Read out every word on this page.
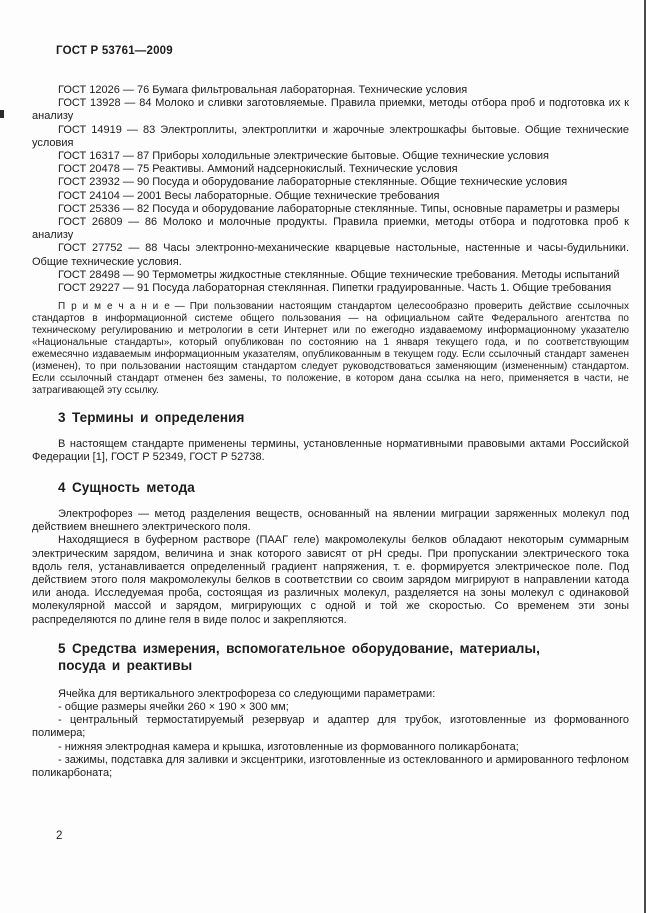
ГОСТ Р 53761—2009

ГОСТ 12026 — 76 Бумага фильтровальная лабораторная. Технические условия

ГОСТ 13928 — 84 Молоко и сливки заготовляемые. Правила приемки, методы отбора проб и подготовка их к анализу

ГОСТ 14919 — 83 Электроплиты, электроплитки и жарочные электрошкафы бытовые. Общие технические условия

ГОСТ 16317 — 87 Приборы холодильные электрические бытовые. Общие технические условия

ГОСТ 20478 — 75 Реактивы. Аммоний надсернокислый. Технические условия

ГОСТ 23932 — 90 Посуда и оборудование лабораторные стеклянные. Общие технические условия

ГОСТ 24104 — 2001 Весы лабораторные. Общие технические требования

ГОСТ 25336 — 82 Посуда и оборудование лабораторные стеклянные. Типы, основные параметры и размеры

ГОСТ 26809 — 86 Молоко и молочные продукты. Правила приемки, методы отбора и подготовка проб к анализу

ГОСТ 27752 — 88 Часы электронно-механические кварцевые настольные, настенные и часы-будильники. Общие технические условия.

ГОСТ 28498 — 90 Термометры жидкостные стеклянные. Общие технические требования. Методы испытаний

ГОСТ 29227 — 91 Посуда лабораторная стеклянная. Пипетки градуированные. Часть 1. Общие требования

П р и м е ч а н и е — При пользовании настоящим стандартом целесообразно проверить действие ссылочных стандартов в информационной системе общего пользования — на официальном сайте Федерального агентства по техническому регулированию и метрологии в сети Интернет или по ежегодно издаваемому информационному указателю «Национальные стандарты», который опубликован по состоянию на 1 января текущего года, и по соответствующим ежемесячно издаваемым информационным указателям, опубликованным в текущем году. Если ссылочный стандарт заменен (изменен), то при пользовании настоящим стандартом следует руководствоваться заменяющим (измененным) стандартом. Если ссылочный стандарт отменен без замены, то положение, в котором дана ссылка на него, применяется в части, не затрагивающей эту ссылку.

3 Термины и определения

В настоящем стандарте применены термины, установленные нормативными правовыми актами Российской Федерации [1], ГОСТ Р 52349, ГОСТ Р 52738.

4 Сущность метода

Электрофорез — метод разделения веществ, основанный на явлении миграции заряженных молекул под действием внешнего электрического поля.

Находящиеся в буферном растворе (ПААГ геле) макромолекулы белков обладают некоторым суммарным электрическим зарядом, величина и знак которого зависят от рН среды. При пропускании электрического тока вдоль геля, устанавливается определенный градиент напряжения, т. е. формируется электрическое поле. Под действием этого поля макромолекулы белков в соответствии со своим зарядом мигрируют в направлении катода или анода. Исследуемая проба, состоящая из различных молекул, разделяется на зоны молекул с одинаковой молекулярной массой и зарядом, мигрирующих с одной и той же скоростью. Со временем эти зоны распределяются по длине геля в виде полос и закрепляются.

5 Средства измерения, вспомогательное оборудование, материалы,
посуда и реактивы

Ячейка для вертикального электрофореза со следующими параметрами:

- общие размеры ячейки 260 × 190 × 300 мм;

- центральный термостатируемый резервуар и адаптер для трубок, изготовленные из формованного полимера;

- нижняя электродная камера и крышка, изготовленные из формованного поликарбоната;

- зажимы, подставка для заливки и эксцентрики, изготовленные из остеклованного и армированного тефлоном поликарбоната;

2
